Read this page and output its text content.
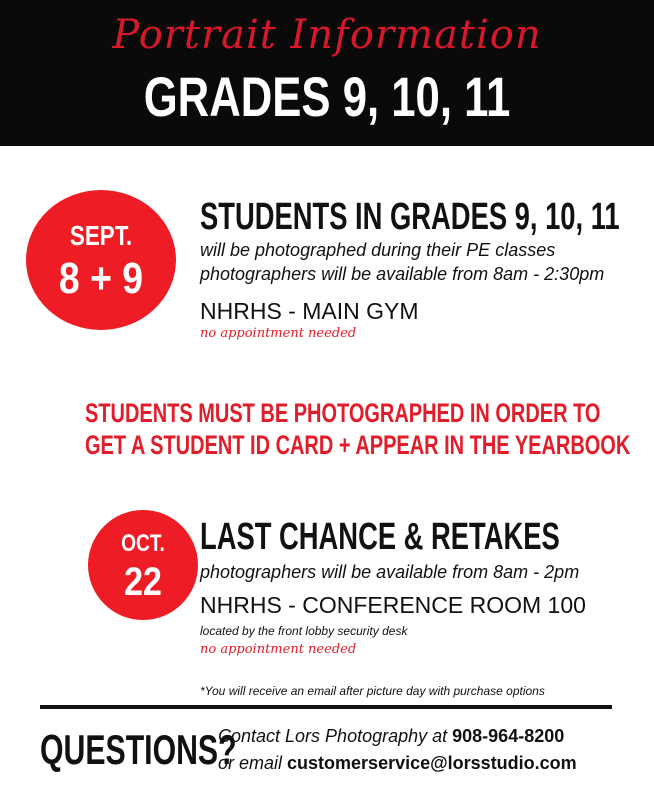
Portrait Information
GRADES 9, 10, 11
SEPT.
8 + 9
STUDENTS IN GRADES 9, 10, 11
will be photographed during their PE classes
photographers will be available from 8am - 2:30pm
NHRHS - MAIN GYM
no appointment needed
STUDENTS MUST BE PHOTOGRAPHED IN ORDER TO
GET A STUDENT ID CARD + APPEAR IN THE YEARBOOK
OCT.
22
LAST CHANCE & RETAKES
photographers will be available from 8am - 2pm
NHRHS - CONFERENCE ROOM 100
located by the front lobby security desk
no appointment needed
*You will receive an email after picture day with purchase options
QUESTIONS?
Contact Lors Photography at 908-964-8200
or email customerservice@lorsstudio.com
